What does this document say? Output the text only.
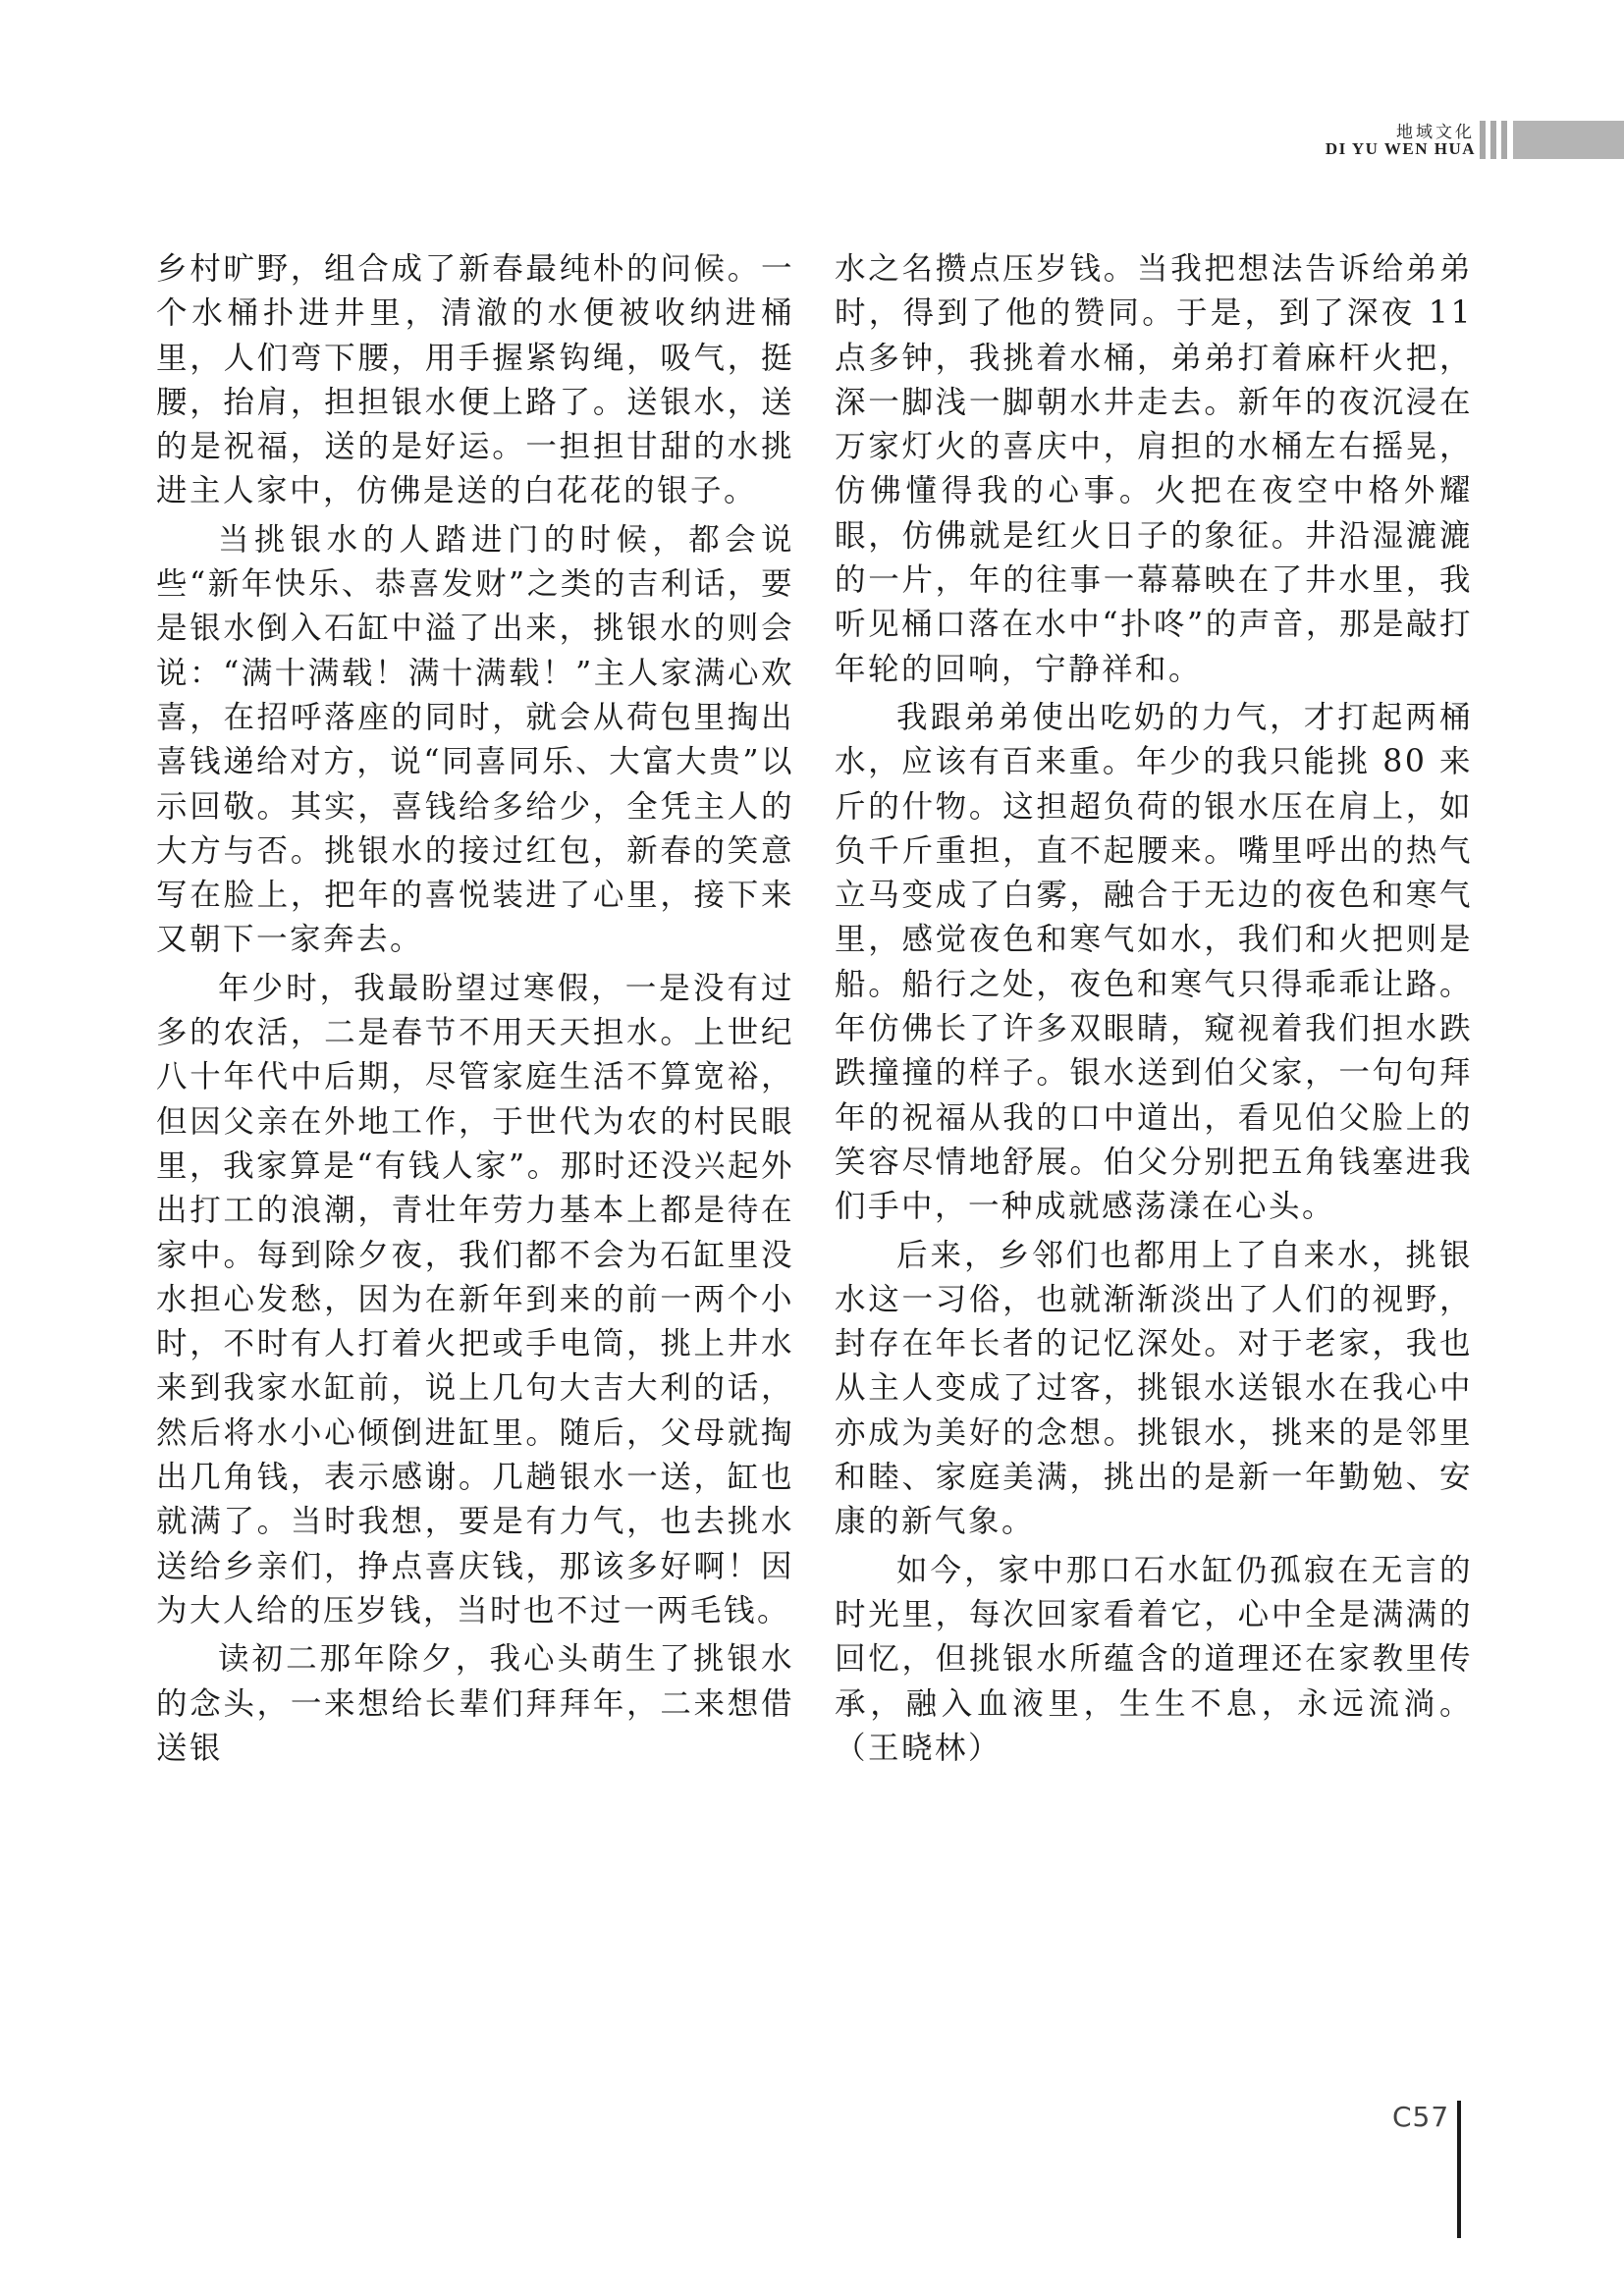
地域文化
DI YU WEN HUA

乡村旷野，组合成了新春最纯朴的问候。一个水桶扑进井里，清澈的水便被收纳进桶里，人们弯下腰，用手握紧钩绳，吸气，挺腰，抬肩，担担银水便上路了。送银水，送的是祝福，送的是好运。一担担甘甜的水挑进主人家中，仿佛是送的白花花的银子。

当挑银水的人踏进门的时候，都会说些“新年快乐、恭喜发财”之类的吉利话，要是银水倒入石缸中溢了出来，挑银水的则会说：“满十满载！满十满载！”主人家满心欢喜，在招呼落座的同时，就会从荷包里掏出喜钱递给对方，说“同喜同乐、大富大贵”以示回敬。其实，喜钱给多给少，全凭主人的大方与否。挑银水的接过红包，新春的笑意写在脸上，把年的喜悦装进了心里，接下来又朝下一家奔去。

年少时，我最盼望过寒假，一是没有过多的农活，二是春节不用天天担水。上世纪八十年代中后期，尽管家庭生活不算宽裕，但因父亲在外地工作，于世代为农的村民眼里，我家算是“有钱人家”。那时还没兴起外出打工的浪潮，青壮年劳力基本上都是待在家中。每到除夕夜，我们都不会为石缸里没水担心发愁，因为在新年到来的前一两个小时，不时有人打着火把或手电筒，挑上井水来到我家水缸前，说上几句大吉大利的话，然后将水小心倾倒进缸里。随后，父母就掏出几角钱，表示感谢。几趟银水一送，缸也就满了。当时我想，要是有力气，也去挑水送给乡亲们，挣点喜庆钱，那该多好啊！因为大人给的压岁钱，当时也不过一两毛钱。

读初二那年除夕，我心头萌生了挑银水的念头，一来想给长辈们拜拜年，二来想借送银

水之名攒点压岁钱。当我把想法告诉给弟弟时，得到了他的赞同。于是，到了深夜 11 点多钟，我挑着水桶，弟弟打着麻杆火把，深一脚浅一脚朝水井走去。新年的夜沉浸在万家灯火的喜庆中，肩担的水桶左右摇晃，仿佛懂得我的心事。火把在夜空中格外耀眼，仿佛就是红火日子的象征。井沿湿漉漉的一片，年的往事一幕幕映在了井水里，我听见桶口落在水中“扑咚”的声音，那是敲打年轮的回响，宁静祥和。

我跟弟弟使出吃奶的力气，才打起两桶水，应该有百来重。年少的我只能挑 80 来斤的什物。这担超负荷的银水压在肩上，如负千斤重担，直不起腰来。嘴里呼出的热气立马变成了白雾，融合于无边的夜色和寒气里，感觉夜色和寒气如水，我们和火把则是船。船行之处，夜色和寒气只得乖乖让路。年仿佛长了许多双眼睛，窥视着我们担水跌跌撞撞的样子。银水送到伯父家，一句句拜年的祝福从我的口中道出，看见伯父脸上的笑容尽情地舒展。伯父分别把五角钱塞进我们手中，一种成就感荡漾在心头。

后来，乡邻们也都用上了自来水，挑银水这一习俗，也就渐渐淡出了人们的视野，封存在年长者的记忆深处。对于老家，我也从主人变成了过客，挑银水送银水在我心中亦成为美好的念想。挑银水，挑来的是邻里和睦、家庭美满，挑出的是新一年勤勉、安康的新气象。

如今，家中那口石水缸仍孤寂在无言的时光里，每次回家看着它，心中全是满满的回忆，但挑银水所蕴含的道理还在家教里传承，融入血液里，生生不息，永远流淌。（王晓林）

C57
